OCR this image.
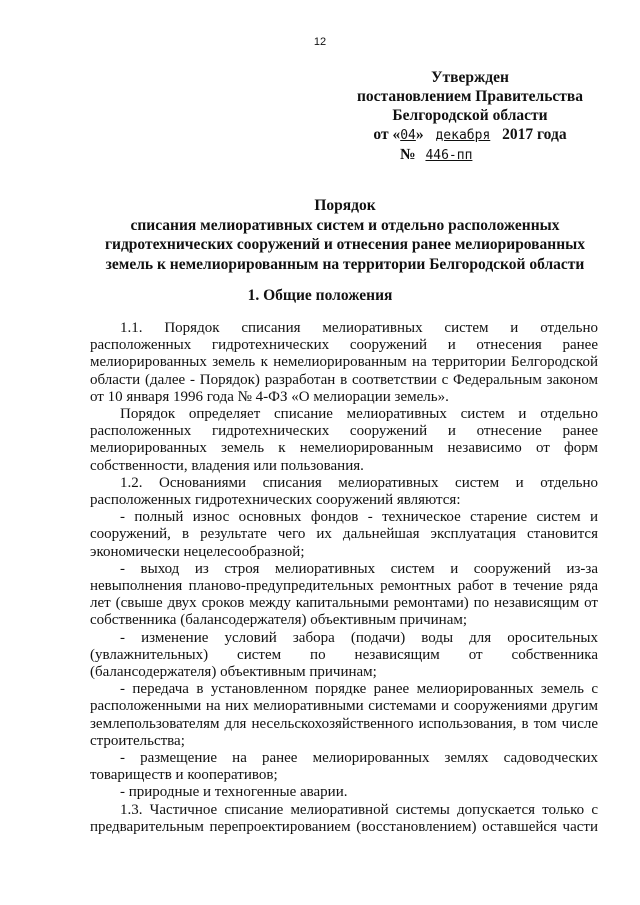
12
Утвержден
постановлением Правительства
Белгородской области
от «04» декабря 2017 года
№ 446-пп
Порядок
списания мелиоративных систем и отдельно расположенных
гидротехнических сооружений и отнесения ранее мелиорированных
земель к немелиорированным на территории Белгородской области
1. Общие положения
1.1. Порядок списания мелиоративных систем и отдельно
расположенных гидротехнических сооружений и отнесения ранее
мелиорированных земель к немелиорированным на территории Белгородской
области (далее - Порядок) разработан в соответствии с Федеральным законом
от 10 января 1996 года № 4-ФЗ «О мелиорации земель».
Порядок определяет списание мелиоративных систем и отдельно
расположенных гидротехнических сооружений и отнесение ранее
мелиорированных земель к немелиорированным независимо от форм
собственности, владения или пользования.
1.2. Основаниями списания мелиоративных систем и отдельно
расположенных гидротехнических сооружений являются:
- полный износ основных фондов - техническое старение систем и
сооружений, в результате чего их дальнейшая эксплуатация становится
экономически нецелесообразной;
- выход из строя мелиоративных систем и сооружений из-за
невыполнения планово-предупредительных ремонтных работ в течение ряда
лет (свыше двух сроков между капитальными ремонтами) по независящим от
собственника (балансодержателя) объективным причинам;
- изменение условий забора (подачи) воды для оросительных
(увлажнительных) систем по независящим от собственника
(балансодержателя) объективным причинам;
- передача в установленном порядке ранее мелиорированных земель с
расположенными на них мелиоративными системами и сооружениями другим
землепользователям для несельскохозяйственного использования, в том числе
строительства;
- размещение на ранее мелиорированных землях садоводческих
товариществ и кооперативов;
- природные и техногенные аварии.
1.3. Частичное списание мелиоративной системы допускается только с
предварительным перепроектированием (восстановлением) оставшейся части
